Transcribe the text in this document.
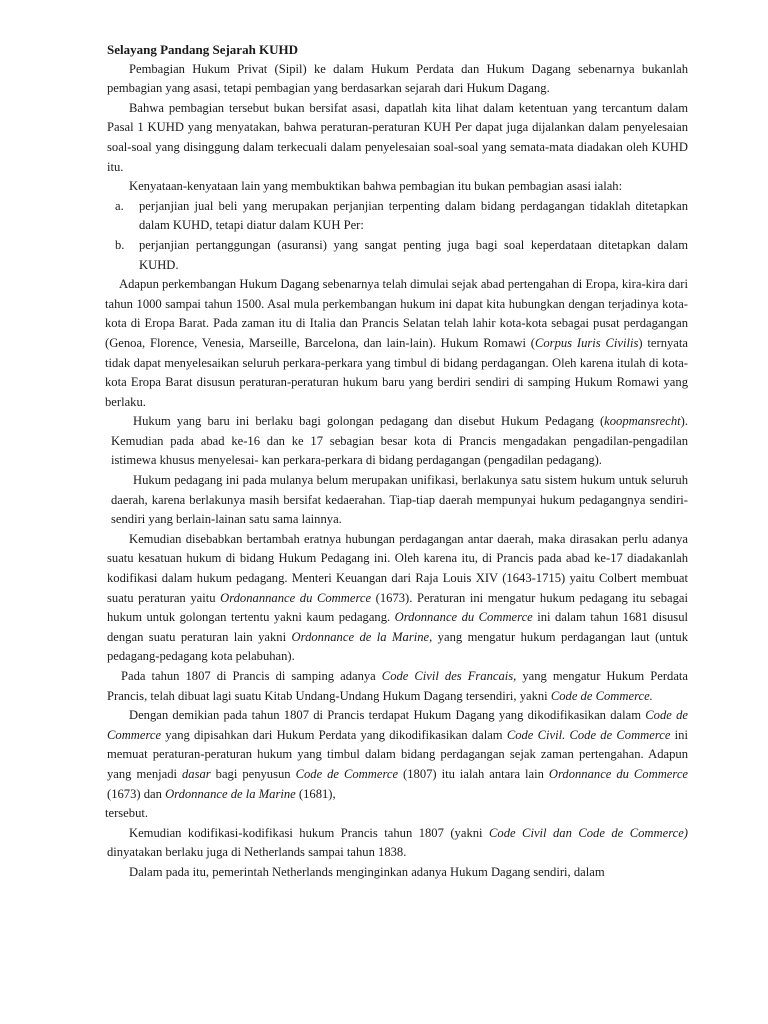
Selayang Pandang Sejarah KUHD

Pembagian Hukum Privat (Sipil) ke dalam Hukum Perdata dan Hukum Dagang sebenarnya bukanlah pembagian yang asasi, tetapi pembagian yang berdasarkan sejarah dari Hukum Dagang.

Bahwa pembagian tersebut bukan bersifat asasi, dapatlah kita lihat dalam ketentuan yang tercantum dalam Pasal 1 KUHD yang menyatakan, bahwa peraturan-peraturan KUH Per dapat juga dijalankan dalam penyelesaian soal-soal yang disinggung dalam terkecuali dalam penyelesaian soal-soal yang semata-mata diadakan oleh KUHD itu.

Kenyataan-kenyataan lain yang membuktikan bahwa pembagian itu bukan pembagian asasi ialah:

a. perjanjian jual beli yang merupakan perjanjian terpenting dalam bidang perdagangan tidaklah ditetapkan dalam KUHD, tetapi diatur dalam KUH Per:
b. perjanjian pertanggungan (asuransi) yang sangat penting juga bagi soal keperdataan ditetapkan dalam KUHD.

Adapun perkembangan Hukum Dagang sebenarnya telah dimulai sejak abad pertengahan di Eropa, kira-kira dari tahun 1000 sampai tahun 1500. Asal mula perkembangan hukum ini dapat kita hubungkan dengan terjadinya kota-kota di Eropa Barat. Pada zaman itu di Italia dan Prancis Selatan telah lahir kota-kota sebagai pusat perdagangan (Genoa, Florence, Venesia, Marseille, Barcelona, dan lain-lain). Hukum Romawi (Corpus Iuris Civilis) ternyata tidak dapat menyelesaikan seluruh perkara-perkara yang timbul di bidang perdagangan. Oleh karena itulah di kota-kota Eropa Barat disusun peraturan-peraturan hukum baru yang berdiri sendiri di samping Hukum Romawi yang berlaku.

Hukum yang baru ini berlaku bagi golongan pedagang dan disebut Hukum Pedagang (koopmansrecht). Kemudian pada abad ke-16 dan ke 17 sebagian besar kota di Prancis mengadakan pengadilan-pengadilan istimewa khusus menyelesai- kan perkara-perkara di bidang perdagangan (pengadilan pedagang).

Hukum pedagang ini pada mulanya belum merupakan unifikasi, berlakunya satu sistem hukum untuk seluruh daerah, karena berlakunya masih bersifat kedaerahan. Tiap-tiap daerah mempunyai hukum pedagangnya sendiri-sendiri yang berlain-lainan satu sama lainnya.

Kemudian disebabkan bertambah eratnya hubungan perdagangan antar daerah, maka dirasakan perlu adanya suatu kesatuan hukum di bidang Hukum Pedagang ini. Oleh karena itu, di Prancis pada abad ke-17 diadakanlah kodifikasi dalam hukum pedagang. Menteri Keuangan dari Raja Louis XIV (1643-1715) yaitu Colbert membuat suatu peraturan yaitu Ordonannance du Commerce (1673). Peraturan ini mengatur hukum pedagang itu sebagai hukum untuk golongan tertentu yakni kaum pedagang. Ordonnance du Commerce ini dalam tahun 1681 disusul dengan suatu peraturan lain yakni Ordonnance de la Marine, yang mengatur hukum perdagangan laut (untuk pedagang-pedagang kota pelabuhan).

Pada tahun 1807 di Prancis di samping adanya Code Civil des Francais, yang mengatur Hukum Perdata Prancis, telah dibuat lagi suatu Kitab Undang-Undang Hukum Dagang tersendiri, yakni Code de Commerce.

Dengan demikian pada tahun 1807 di Prancis terdapat Hukum Dagang yang dikodifikasikan dalam Code de Commerce yang dipisahkan dari Hukum Perdata yang dikodifikasikan dalam Code Civil. Code de Commerce ini memuat peraturan-peraturan hukum yang timbul dalam bidang perdagangan sejak zaman pertengahan. Adapun yang menjadi dasar bagi penyusun Code de Commerce (1807) itu ialah antara lain Ordonnance du Commerce (1673) dan Ordonnance de la Marine (1681),

tersebut.

Kemudian kodifikasi-kodifikasi hukum Prancis tahun 1807 (yakni Code Civil dan Code de Commerce) dinyatakan berlaku juga di Netherlands sampai tahun 1838.

Dalam pada itu, pemerintah Netherlands menginginkan adanya Hukum Dagang sendiri, dalam
